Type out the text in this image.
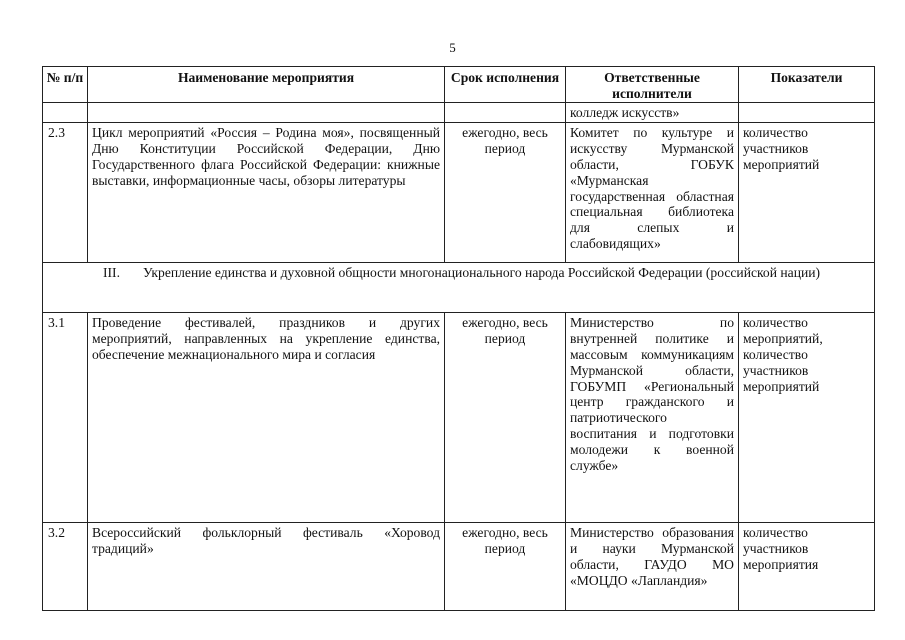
5
№ п/п	Наименование мероприятия	Срок исполнения	Ответственные исполнители	Показатели
			колледж искусств»	
2.3	Цикл мероприятий «Россия – Родина моя», посвященный Дню Конституции Российской Федерации, Дню Государственного флага Российской Федерации: книжные выставки, информационные часы, обзоры литературы	ежегодно, весь период	Комитет по культуре и искусству Мурманской области, ГОБУК «Мурманская государственная областная специальная библиотека для слепых и слабовидящих»	количество участников мероприятий

III. Укрепление единства и духовной общности многонационального народа Российской Федерации (российской нации)				

3.1	Проведение фестивалей, праздников и других мероприятий, направленных на укрепление единства, обеспечение межнационального мира и согласия	ежегодно, весь период	Министерство по внутренней политике и массовым коммуникациям Мурманской области, ГОБУМП «Региональный центр гражданского и патриотического воспитания и подготовки молодежи к военной службе»	количество мероприятий, количество участников мероприятий
3.2	Всероссийский фольклорный фестиваль «Хоровод традиций»	ежегодно, весь период	Министерство образования и науки Мурманской области, ГАУДО МО «МОЦДО «Лапландия»	количество участников мероприятия
